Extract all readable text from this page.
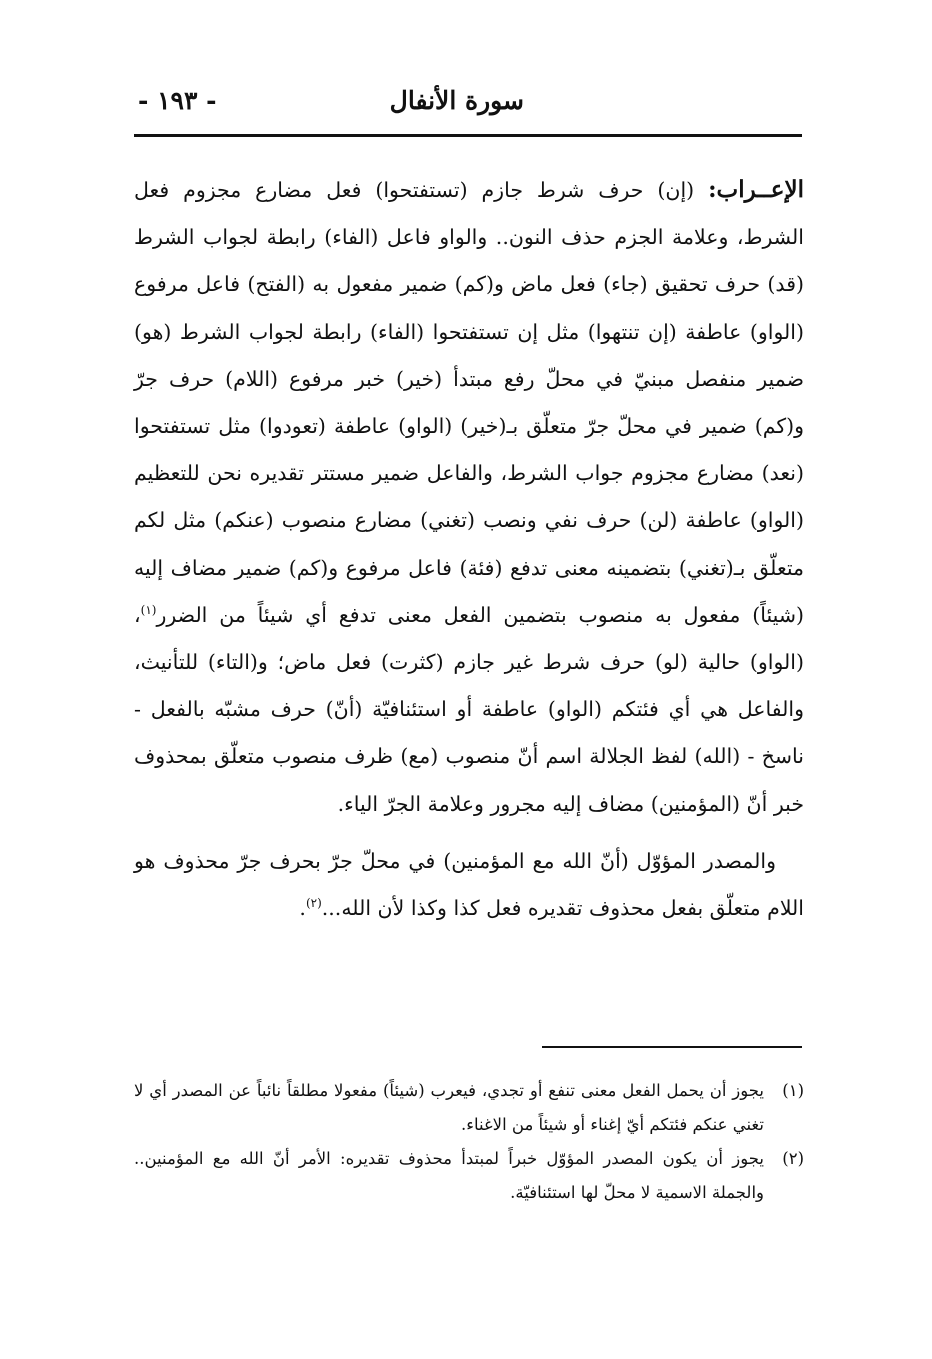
سورة الأنفال
- ١٩٣ -

الإعــراب: (إن) حرف شرط جازم (تستفتحوا) فعل مضارع مجزوم فعل الشرط، وعلامة الجزم حذف النون.. والواو فاعل (الفاء) رابطة لجواب الشرط (قد) حرف تحقيق (جاء) فعل ماض و(كم) ضمير مفعول به (الفتح) فاعل مرفوع (الواو) عاطفة (إن تنتهوا) مثل إن تستفتحوا (الفاء) رابطة لجواب الشرط (هو) ضمير منفصل مبنيّ في محلّ رفع مبتدأ (خير) خبر مرفوع (اللام) حرف جرّ و(كم) ضمير في محلّ جرّ متعلّق بـ(خير) (الواو) عاطفة (تعودوا) مثل تستفتحوا (نعد) مضارع مجزوم جواب الشرط، والفاعل ضمير مستتر تقديره نحن للتعظيم (الواو) عاطفة (لن) حرف نفي ونصب (تغني) مضارع منصوب (عنكم) مثل لكم متعلّق بـ(تغني) بتضمينه معنى تدفع (فئة) فاعل مرفوع و(كم) ضمير مضاف إليه (شيئاً) مفعول به منصوب بتضمين الفعل معنى تدفع أي شيئاً من الضرر$^{(١)}$، (الواو) حالية (لو) حرف شرط غير جازم (كثرت) فعل ماض؛ و(التاء) للتأنيث، والفاعل هي أي فئتكم (الواو) عاطفة أو استئنافيّة (أنّ) حرف مشبّه بالفعل - ناسخ - (الله) لفظ الجلالة اسم أنّ منصوب (مع) ظرف منصوب متعلّق بمحذوف خبر أنّ (المؤمنين) مضاف إليه مجرور وعلامة الجرّ الياء.

والمصدر المؤوّل (أنّ الله مع المؤمنين) في محلّ جرّ بحرف جرّ محذوف هو اللام متعلّق بفعل محذوف تقديره فعل كذا وكذا لأن الله...$^{(٢)}$.

(١)
يجوز أن يحمل الفعل معنى تنفع أو تجدي، فيعرب (شيئاً) مفعولا مطلقاً نائباً عن المصدر أي لا تغني عنكم فئتكم أيّ إغناء أو شيئاً من الاغناء.
(٢)
يجوز أن يكون المصدر المؤوّل خبراً لمبتدأ محذوف تقديره: الأمر أنّ الله مع المؤمنين.. والجملة الاسمية لا محلّ لها استئنافيّة.
